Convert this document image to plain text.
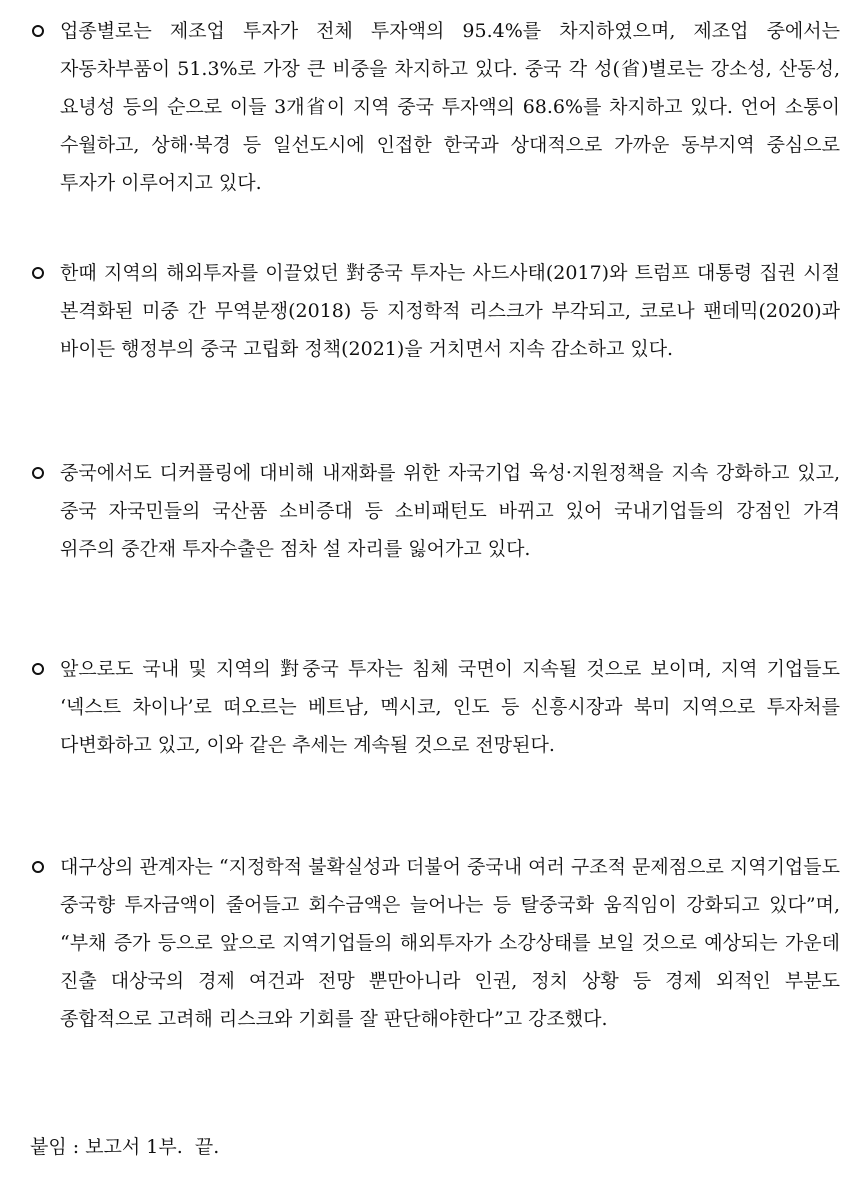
업종별로는 제조업 투자가 전체 투자액의 95.4%를 차지하였으며, 제조업 중에서는 자동차부품이 51.3%로 가장 큰 비중을 차지하고 있다. 중국 각 성(省)별로는 강소성, 산동성, 요녕성 등의 순으로 이들 3개省이 지역 중국 투자액의 68.6%를 차지하고 있다. 언어 소통이 수월하고, 상해·북경 등 일선도시에 인접한 한국과 상대적으로 가까운 동부지역 중심으로 투자가 이루어지고 있다.
한때 지역의 해외투자를 이끌었던 對중국 투자는 사드사태(2017)와 트럼프 대통령 집권 시절 본격화된 미중 간 무역분쟁(2018) 등 지정학적 리스크가 부각되고, 코로나 팬데믹(2020)과 바이든 행정부의 중국 고립화 정책(2021)을 거치면서 지속 감소하고 있다.
중국에서도 디커플링에 대비해 내재화를 위한 자국기업 육성·지원정책을 지속 강화하고 있고, 중국 자국민들의 국산품 소비증대 등 소비패턴도 바뀌고 있어 국내기업들의 강점인 가격 위주의 중간재 투자수출은 점차 설 자리를 잃어가고 있다.
앞으로도 국내 및 지역의 對중국 투자는 침체 국면이 지속될 것으로 보이며, 지역 기업들도 ‘넥스트 차이나’로 떠오르는 베트남, 멕시코, 인도 등 신흥시장과 북미 지역으로 투자처를 다변화하고 있고, 이와 같은 추세는 계속될 것으로 전망된다.
대구상의 관계자는 “지정학적 불확실성과 더불어 중국내 여러 구조적 문제점으로 지역기업들도 중국향 투자금액이 줄어들고 회수금액은 늘어나는 등 탈중국화 움직임이 강화되고 있다”며, “부채 증가 등으로 앞으로 지역기업들의 해외투자가 소강상태를 보일 것으로 예상되는 가운데 진출 대상국의 경제 여건과 전망 뿐만아니라 인권, 정치 상황 등 경제 외적인 부분도 종합적으로 고려해 리스크와 기회를 잘 판단해야한다”고 강조했다.
붙임 : 보고서 1부.  끝.
